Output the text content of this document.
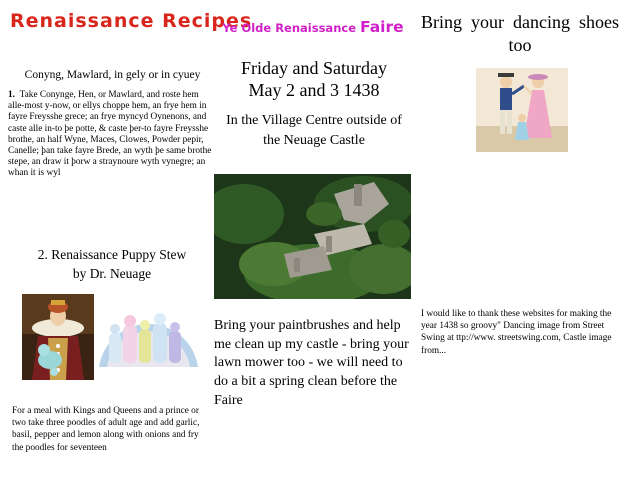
Renaissance Recipes
Conyng, Mawlard, in gely or in cyuey
1. Take Conynge, Hen, or Mawlard, and roste hem alle-most y-now, or ellys choppe hem, an frye hem in fayre Freysshe grece; an frye myncyd Oynenons, and caste alle in-to þe potte, & caste þer-to fayre Freysshe brothe, an half Wyne, Maces, Clowes, Powder pepir, Canelle; þan take fayre Brede, an wyth þe same brothe stepe, an draw it þorw a straynoure wyth vynegre; an whan it is wyl
2. Renaissance Puppy Stew
by Dr. Neuage
For a meal with Kings and Queens and a prince or two take three poodles of adult age and add garlic, basil, pepper and lemon along with onions and fry the poodles for seventeen
Ye Olde Renaissance Faire
Friday and Saturday
May 2 and 3 1438
In the Village Centre outside of
the Neuage Castle
Bring your paintbrushes and help me clean up my castle - bring your lawn mower too - we will need to do a bit a spring clean before the Faire
Bring your dancing shoes too
I would like to thank these websites for making the year 1438 so groovy" Dancing image from Street Swing at ttp://www. streetswing.com, Castle image from...
